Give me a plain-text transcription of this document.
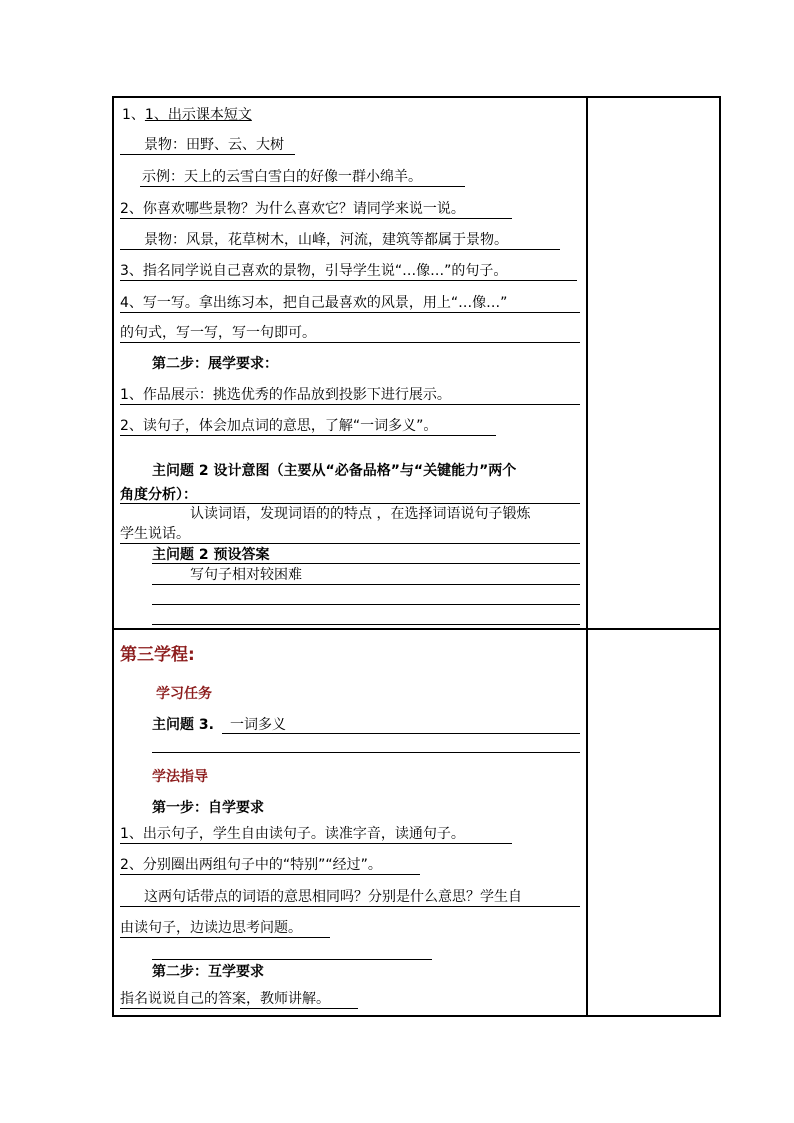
1、1、出示课本短文
景物：田野、云、大树
示例：天上的云雪白雪白的好像一群小绵羊。
2、你喜欢哪些景物？为什么喜欢它？请同学来说一说。
景物：风景，花草树木，山峰，河流，建筑等都属于景物。
3、指名同学说自己喜欢的景物，引导学生说“…像…”的句子。
4、写一写。拿出练习本，把自己最喜欢的风景，用上“…像…”
的句式，写一写，写一句即可。
第二步：展学要求：
1、作品展示：挑选优秀的作品放到投影下进行展示。
2、读句子，体会加点词的意思，了解“一词多义”。
主问题 2 设计意图（主要从“必备品格”与“关键能力”两个
角度分析）：
认读词语，发现词语的的特点 ，在选择词语说句子锻炼
学生说话。
主问题 2 预设答案
写句子相对较困难
第三学程:
学习任务
主问题 3. 一词多义
学法指导
第一步：自学要求
1、出示句子，学生自由读句子。读准字音，读通句子。
2、分别圈出两组句子中的“特别”“经过”。
这两句话带点的词语的意思相同吗？分别是什么意思？学生自
由读句子，边读边思考问题。
第二步：互学要求
指名说说自己的答案，教师讲解。
